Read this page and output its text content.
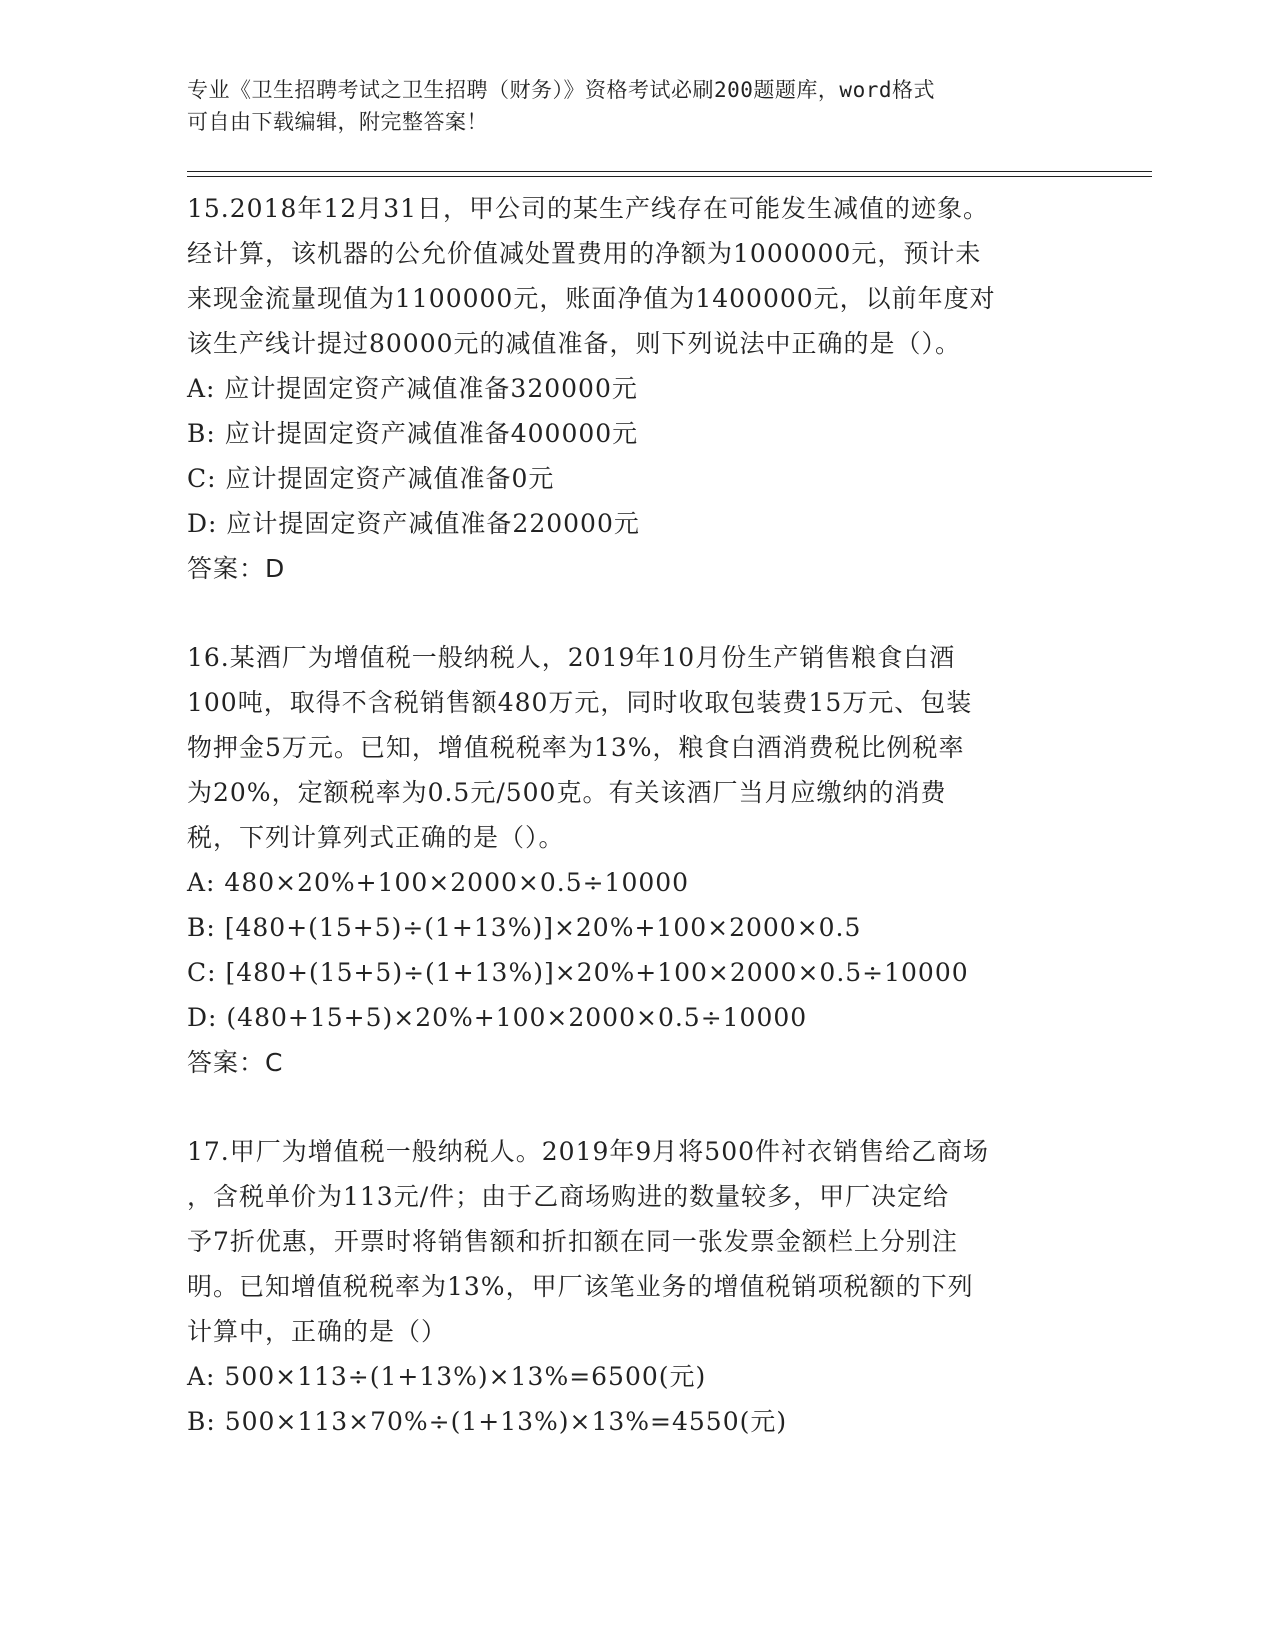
专业《卫生招聘考试之卫生招聘（财务）》资格考试必刷200题题库，word格式
可自由下载编辑，附完整答案！
15.2018年12月31日，甲公司的某生产线存在可能发生减值的迹象。
经计算，该机器的公允价值减处置费用的净额为1000000元，预计未
来现金流量现值为1100000元，账面净值为1400000元，以前年度对
该生产线计提过80000元的减值准备，则下列说法中正确的是（）。
A: 应计提固定资产减值准备320000元
B: 应计提固定资产减值准备400000元
C: 应计提固定资产减值准备0元
D: 应计提固定资产减值准备220000元
答案：D
16.某酒厂为增值税一般纳税人，2019年10月份生产销售粮食白酒
100吨，取得不含税销售额480万元，同时收取包装费15万元、包装
物押金5万元。已知，增值税税率为13%，粮食白酒消费税比例税率
为20%，定额税率为0.5元/500克。有关该酒厂当月应缴纳的消费
税，下列计算列式正确的是（）。
A: 480×20%+100×2000×0.5÷10000
B: [480+(15+5)÷(1+13%)]×20%+100×2000×0.5
C: [480+(15+5)÷(1+13%)]×20%+100×2000×0.5÷10000
D: (480+15+5)×20%+100×2000×0.5÷10000
答案：C
17.甲厂为增值税一般纳税人。2019年9月将500件衬衣销售给乙商场
，含税单价为113元/件；由于乙商场购进的数量较多，甲厂决定给
予7折优惠，开票时将销售额和折扣额在同一张发票金额栏上分别注
明。已知增值税税率为13%，甲厂该笔业务的增值税销项税额的下列
计算中，正确的是（）
A: 500×113÷(1+13%)×13%=6500(元)
B: 500×113×70%÷(1+13%)×13%=4550(元)
